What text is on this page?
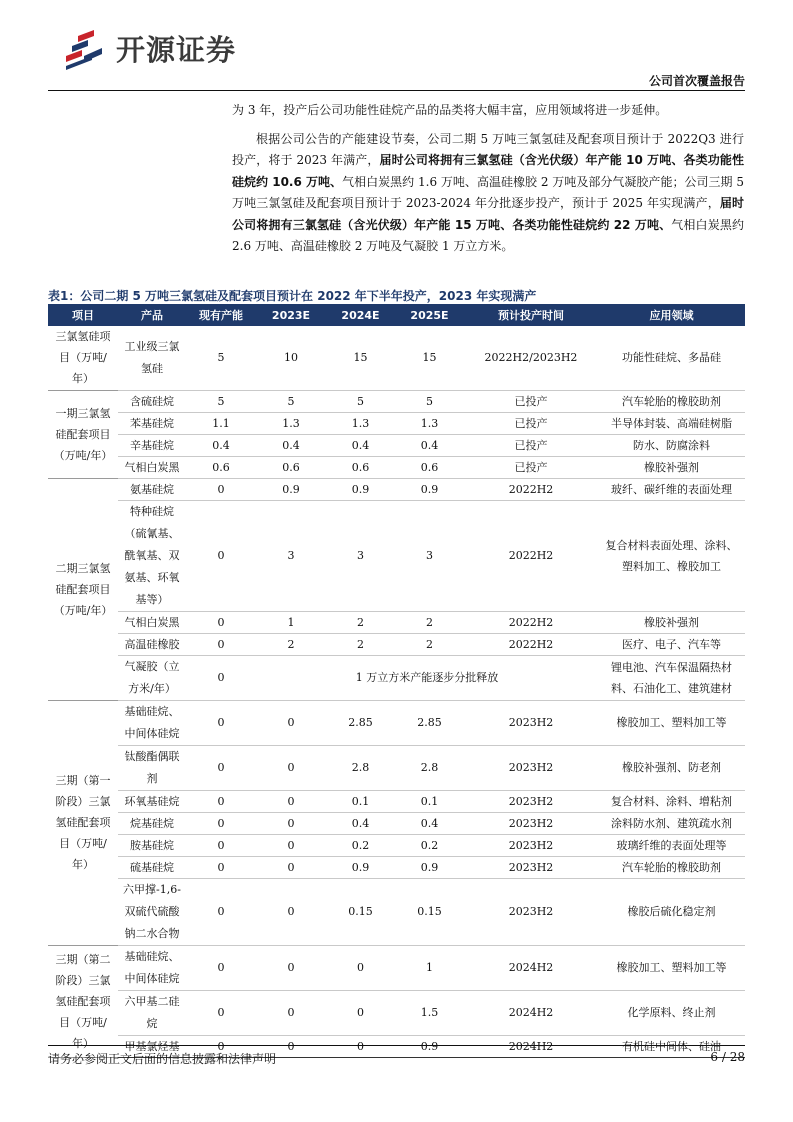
开源证券
公司首次覆盖报告

为 3 年，投产后公司功能性硅烷产品的品类将大幅丰富，应用领域将进一步延伸。

根据公司公告的产能建设节奏，公司二期 5 万吨三氯氢硅及配套项目预计于 2022Q3 进行投产，将于 2023 年满产，届时公司将拥有三氯氢硅（含光伏级）年产能 10 万吨、各类功能性硅烷约 10.6 万吨、气相白炭黑约 1.6 万吨、高温硅橡胶 2 万吨及部分气凝胶产能；公司三期 5 万吨三氯氢硅及配套项目预计于 2023-2024 年分批逐步投产，预计于 2025 年实现满产，届时公司将拥有三氯氢硅（含光伏级）年产能 15 万吨、各类功能性硅烷约 22 万吨、气相白炭黑约 2.6 万吨、高温硅橡胶 2 万吨及气凝胶 1 万立方米。

表1：公司二期 5 万吨三氯氢硅及配套项目预计在 2022 年下半年投产，2023 年实现满产
项目	产品	现有产能	2023E	2024E	2025E	预计投产时间	应用领域
三氯氢硅项目（万吨/年）	工业级三氯氢硅	5	10	15	15	2022H2/2023H2	功能性硅烷、多晶硅
一期三氯氢硅配套项目（万吨/年）	含硫硅烷	5	5	5	5	已投产	汽车轮胎的橡胶助剂
	苯基硅烷	1.1	1.3	1.3	1.3	已投产	半导体封装、高端硅树脂
	辛基硅烷	0.4	0.4	0.4	0.4	已投产	防水、防腐涂料
	气相白炭黑	0.6	0.6	0.6	0.6	已投产	橡胶补强剂
二期三氯氢硅配套项目（万吨/年）	氨基硅烷	0	0.9	0.9	0.9	2022H2	玻纤、碳纤维的表面处理
	特种硅烷（硫氰基、酰氧基、双氨基、环氧基等）	0	3	3	3	2022H2	复合材料表面处理、涂料、塑料加工、橡胶加工
	气相白炭黑	0	1	2	2	2022H2	橡胶补强剂
	高温硅橡胶	0	2	2	2	2022H2	医疗、电子、汽车等
	气凝胶（立方米/年）	0	1 万立方米产能逐步分批释放				锂电池、汽车保温隔热材料、石油化工、建筑建材
三期（第一阶段）三氯氢硅配套项目（万吨/年）	基础硅烷、中间体硅烷	0	0	2.85	2.85	2023H2	橡胶加工、塑料加工等
	钛酸酯偶联剂	0	0	2.8	2.8	2023H2	橡胶补强剂、防老剂
	环氧基硅烷	0	0	0.1	0.1	2023H2	复合材料、涂料、增粘剂
	烷基硅烷	0	0	0.4	0.4	2023H2	涂料防水剂、建筑疏水剂
	胺基硅烷	0	0	0.2	0.2	2023H2	玻璃纤维的表面处理等
	硫基硅烷	0	0	0.9	0.9	2023H2	汽车轮胎的橡胶助剂
	六甲撑-1,6-双硫代硫酸钠二水合物	0	0	0.15	0.15	2023H2	橡胶后硫化稳定剂
三期（第二阶段）三氯氢硅配套项目（万吨/年）	基础硅烷、中间体硅烷	0	0	0	1	2024H2	橡胶加工、塑料加工等
	六甲基二硅烷	0	0	0	1.5	2024H2	化学原料、终止剂
	甲基氯烃基	0	0	0	0.9	2024H2	有机硅中间体、硅油
请务必参阅正文后面的信息披露和法律声明	6 / 28
